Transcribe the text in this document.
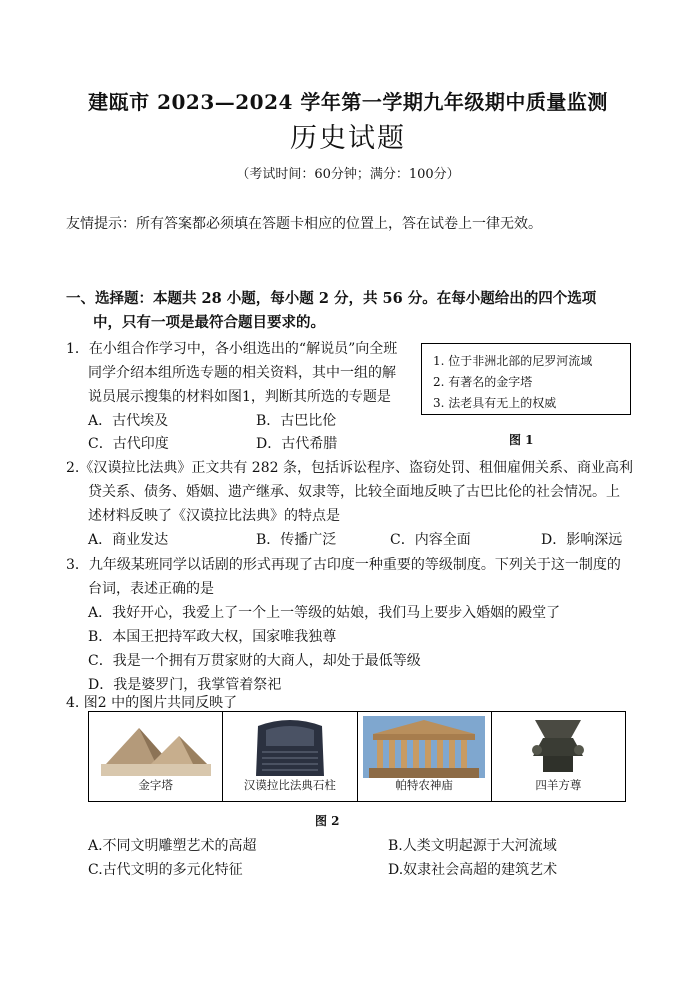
建瓯市 2023—2024 学年第一学期九年级期中质量监测
历史试题
（考试时间：60分钟；满分：100分）
友情提示：所有答案都必须填在答题卡相应的位置上，答在试卷上一律无效。
一、选择题：本题共 28 小题，每小题 2 分，共 56 分。在每小题给出的四个选项
中，只有一项是最符合题目要求的。
1．在小组合作学习中，各小组选出的“解说员”向全班
同学介绍本组所选专题的相关资料，其中一组的解
说员展示搜集的材料如图1，判断其所选的专题是
A．古代埃及	B．古巴比伦
C．古代印度	D．古代希腊
1. 位于非洲北部的尼罗河流域
2. 有著名的金字塔
3. 法老具有无上的权威
图 1
2.《汉谟拉比法典》正文共有 282 条，包括诉讼程序、盗窃处罚、租佃雇佣关系、商业高利
贷关系、债务、婚姻、遗产继承、奴隶等，比较全面地反映了古巴比伦的社会情况。上
述材料反映了《汉谟拉比法典》的特点是
A．商业发达	B．传播广泛	C．内容全面	D．影响深远
3．九年级某班同学以话剧的形式再现了古印度一种重要的等级制度。下列关于这一制度的
台词，表述正确的是
A．我好开心，我爱上了一个上一等级的姑娘，我们马上要步入婚姻的殿堂了
B．本国王把持军政大权，国家唯我独尊
C．我是一个拥有万贯家财的大商人，却处于最低等级
D．我是婆罗门，我掌管着祭祀
4. 图2 中的图片共同反映了
金字塔	汉谟拉比法典石柱	帕特农神庙	四羊方尊
图 2
A.不同文明雕塑艺术的高超	B.人类文明起源于大河流域
C.古代文明的多元化特征	D.奴隶社会高超的建筑艺术
